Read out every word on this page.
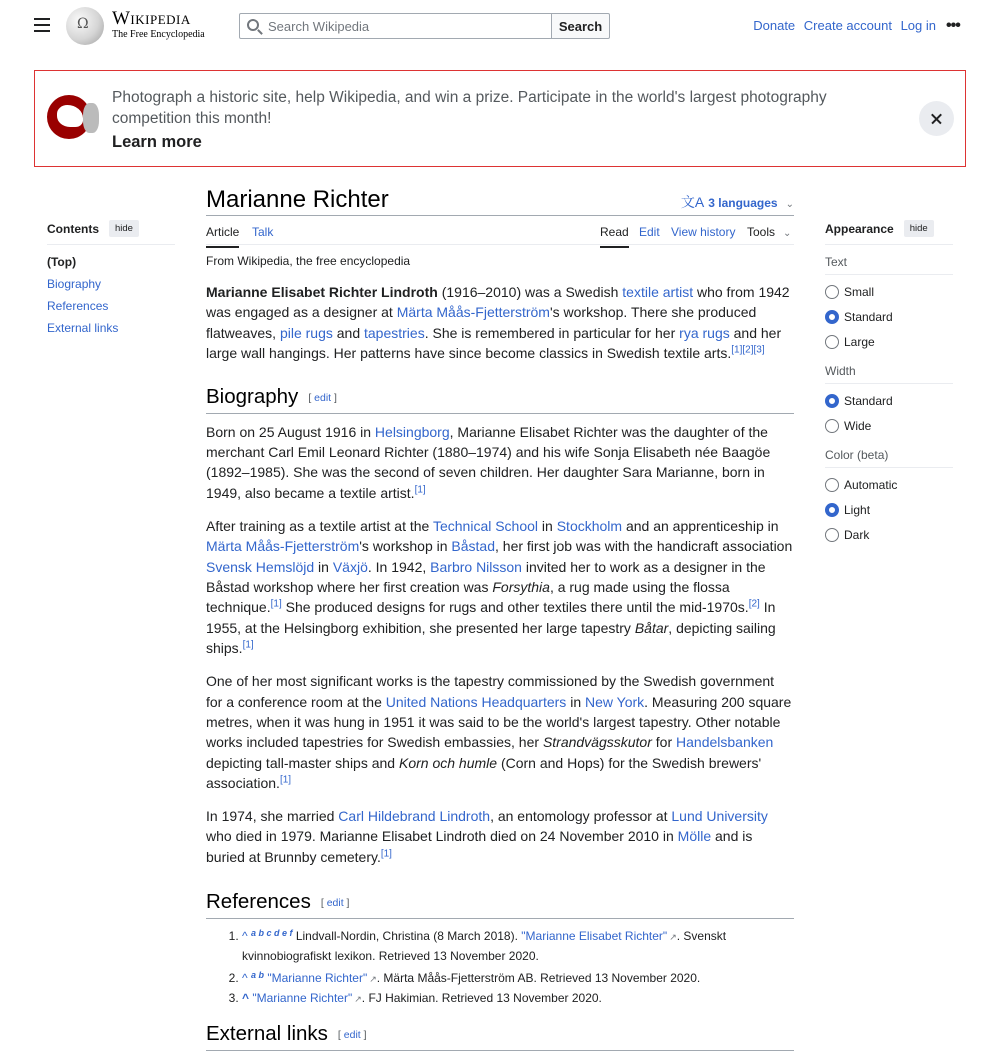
Ω
Wikipedia
The Free Encyclopedia
Search Wikipedia
Search	Donate Create account Log in •••
Photograph a historic site, help Wikipedia, and win a prize. Participate in the world's largest photography competition this month!
Learn more
Contents	hide
(Top)
Biography
References
External links
Appearance	hide
Text
Small
Standard
Large
Width
Standard
Wide
Color (beta)
Automatic
Light
Dark
Marianne Richter	文A 3 languages ⌄
Article Talk	Read Edit View history Tools ⌄
From Wikipedia, the free encyclopedia

Marianne Elisabet Richter Lindroth (1916–2010) was a Swedish textile artist who from 1942 was engaged as a designer at Märta Måås-Fjetterström's workshop. There she produced flatweaves, pile rugs and tapestries. She is remembered in particular for her rya rugs and her large wall hangings. Her patterns have since become classics in Swedish textile arts.[1][2][3]

Biography [ edit ]

Born on 25 August 1916 in Helsingborg, Marianne Elisabet Richter was the daughter of the merchant Carl Emil Leonard Richter (1880–1974) and his wife Sonja Elisabeth née Baagöe (1892–1985). She was the second of seven children. Her daughter Sara Marianne, born in 1949, also became a textile artist.[1]

After training as a textile artist at the Technical School in Stockholm and an apprenticeship in Märta Måås-Fjetterström's workshop in Båstad, her first job was with the handicraft association Svensk Hemslöjd in Växjö. In 1942, Barbro Nilsson invited her to work as a designer in the Båstad workshop where her first creation was Forsythia, a rug made using the flossa technique.[1] She produced designs for rugs and other textiles there until the mid-1970s.[2] In 1955, at the Helsingborg exhibition, she presented her large tapestry Båtar, depicting sailing ships.[1]

One of her most significant works is the tapestry commissioned by the Swedish government for a conference room at the United Nations Headquarters in New York. Measuring 200 square metres, when it was hung in 1951 it was said to be the world's largest tapestry. Other notable works included tapestries for Swedish embassies, her Strandvägsskutor for Handelsbanken depicting tall-master ships and Korn och humle (Corn and Hops) for the Swedish brewers' association.[1]

In 1974, she married Carl Hildebrand Lindroth, an entomology professor at Lund University who died in 1979. Marianne Elisabet Lindroth died on 24 November 2010 in Mölle and is buried at Brunnby cemetery.[1]

References [ edit ]
1. ^ $^{a b c d e f}$ Lindvall-Nordin, Christina (8 March 2018). "Marianne Elisabet Richter" ↗. Svenskt kvinnobiografiskt lexikon. Retrieved 13 November 2020.
2. ^ $^{a b}$ "Marianne Richter" ↗. Märta Måås-Fjetterström AB. Retrieved 13 November 2020.
3. ^ "Marianne Richter" ↗. FJ Hakimian. Retrieved 13 November 2020.
External links [ edit ]
